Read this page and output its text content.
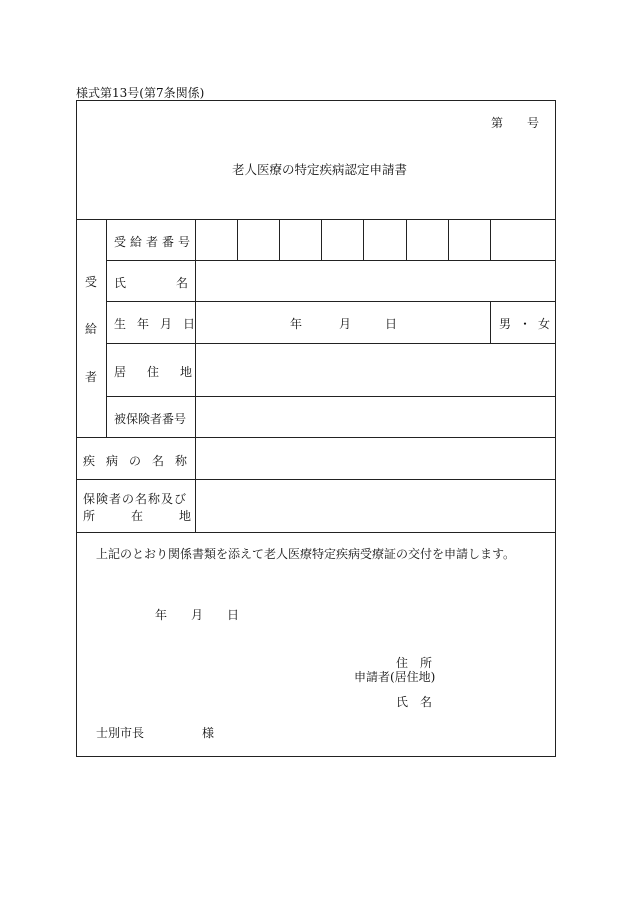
様式第13号(第7条関係)
第 号
老人医療の特定疾病認定申請書
受
給
者
受給者番号
氏	名
生年月日	年	月	日	男 ・ 女
居住地
被保険者番号
疾病の名称
保険者の名称及び
所在地
上記のとおり関係書類を添えて老人医療特定疾病受療証の交付を申請します。
年 月 日
住　所
申請者(居住地)
氏　名
士別市長	様
